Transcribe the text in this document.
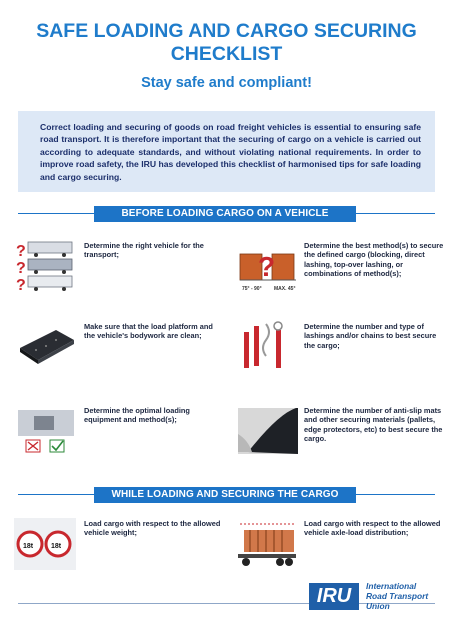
SAFE LOADING AND CARGO SECURING
CHECKLIST
Stay safe and compliant!
Correct loading and securing of goods on road freight vehicles is essential to ensuring safe road transport. It is therefore important that the securing of cargo on a vehicle is carried out according to adequate standards, and without violating national requirements. In order to improve road safety, the IRU has developed this checklist of harmonised tips for safe loading and cargo securing.
BEFORE LOADING CARGO ON A VEHICLE
?
?
?
Determine the right vehicle for the transport;	?
75° - 90° MAX. 45°
Determine the best method(s) to secure the defined cargo (blocking, direct lashing, top-over lashing, or combinations of method(s);
Make sure that the load platform and the vehicle's bodywork are clean;
Determine the number and type of lashings and/or chains to best secure the cargo;
Determine the optimal loading equipment and method(s);
Determine the number of anti-slip mats and other securing materials (pallets, edge protectors, etc) to best secure the cargo.
WHILE LOADING AND SECURING THE CARGO
18t	18t
Load cargo with respect to the allowed vehicle weight;
Load cargo with respect to the allowed vehicle axle-load distribution;
IRU	International
Road Transport
Union
